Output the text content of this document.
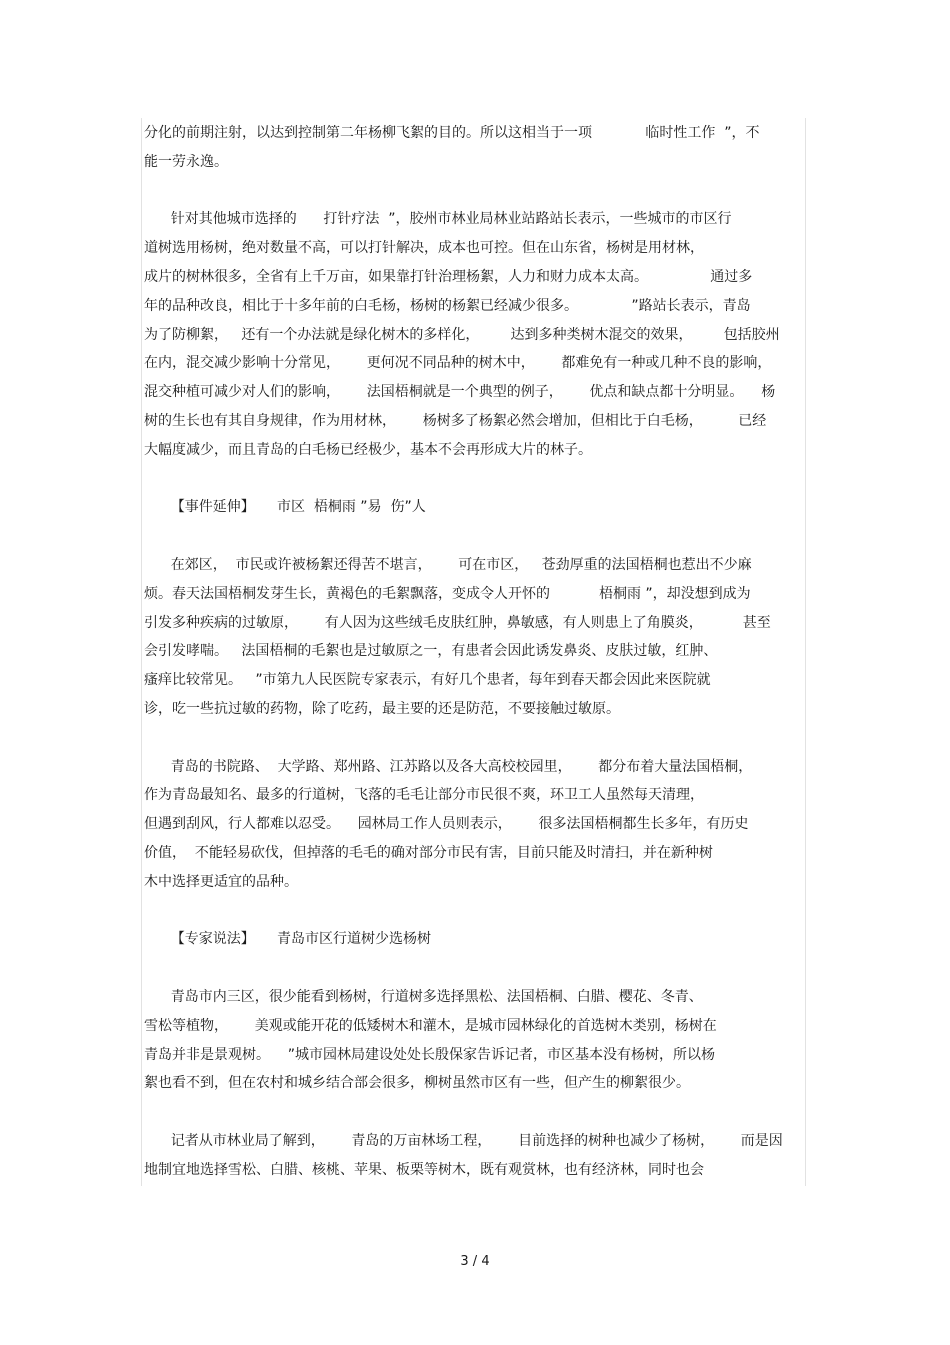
分化的前期注射，以达到控制第二年杨柳飞絮的目的。所以这相当于一项            临时性工作  ”，不
能一劳永逸。
针对其他城市选择的      打针疗法  ”，胶州市林业局林业站路站长表示，一些城市的市区行
道树选用杨树，绝对数量不高，可以打针解决，成本也可控。但在山东省，杨树是用材林，
成片的树林很多，全省有上千万亩，如果靠打针治理杨絮，人力和财力成本太高。              通过多
年的品种改良，相比于十多年前的白毛杨，杨树的杨絮已经减少很多。            ”路站长表示，青岛
为了防柳絮，   还有一个办法就是绿化树木的多样化，       达到多种类树木混交的效果，       包括胶州
在内，混交减少影响十分常见，      更何况不同品种的树木中，      都难免有一种或几种不良的影响，
混交种植可减少对人们的影响，      法国梧桐就是一个典型的例子，      优点和缺点都十分明显。    杨
树的生长也有其自身规律，作为用材林，      杨树多了杨絮必然会增加，但相比于白毛杨，        已经
大幅度减少，而且青岛的白毛杨已经极少，基本不会再形成大片的林子。
【事件延伸】     市区  梧桐雨 ”易  伤”人
在郊区，  市民或许被杨絮还得苦不堪言，      可在市区，   苍劲厚重的法国梧桐也惹出不少麻
烦。春天法国梧桐发芽生长，黄褐色的毛絮飘落，变成令人开怀的           梧桐雨 ”，却没想到成为
引发多种疾病的过敏原，      有人因为这些绒毛皮肤红肿，鼻敏感，有人则患上了角膜炎，         甚至
会引发哮喘。   法国梧桐的毛絮也是过敏原之一，有患者会因此诱发鼻炎、皮肤过敏，红肿、
瘙痒比较常见。   ”市第九人民医院专家表示，有好几个患者，每年到春天都会因此来医院就
诊，吃一些抗过敏的药物，除了吃药，最主要的还是防范，不要接触过敏原。
青岛的书院路、  大学路、郑州路、江苏路以及各大高校校园里，      都分布着大量法国梧桐，
作为青岛最知名、最多的行道树，飞落的毛毛让部分市民很不爽，环卫工人虽然每天清理，
但遇到刮风，行人都难以忍受。    园林局工作人员则表示，      很多法国梧桐都生长多年，有历史
价值，  不能轻易砍伐，但掉落的毛毛的确对部分市民有害，目前只能及时清扫，并在新种树
木中选择更适宜的品种。
【专家说法】     青岛市区行道树少选杨树
青岛市内三区，很少能看到杨树，行道树多选择黑松、法国梧桐、白腊、樱花、冬青、
雪松等植物，      美观或能开花的低矮树木和灌木，是城市园林绿化的首选树木类别，杨树在
青岛并非是景观树。    ”城市园林局建设处处长殷保家告诉记者，市区基本没有杨树，所以杨
絮也看不到，但在农村和城乡结合部会很多，柳树虽然市区有一些，但产生的柳絮很少。
记者从市林业局了解到，      青岛的万亩林场工程，      目前选择的树种也减少了杨树，      而是因
地制宜地选择雪松、白腊、核桃、苹果、板栗等树木，既有观赏林，也有经济林，同时也会
3 / 4
